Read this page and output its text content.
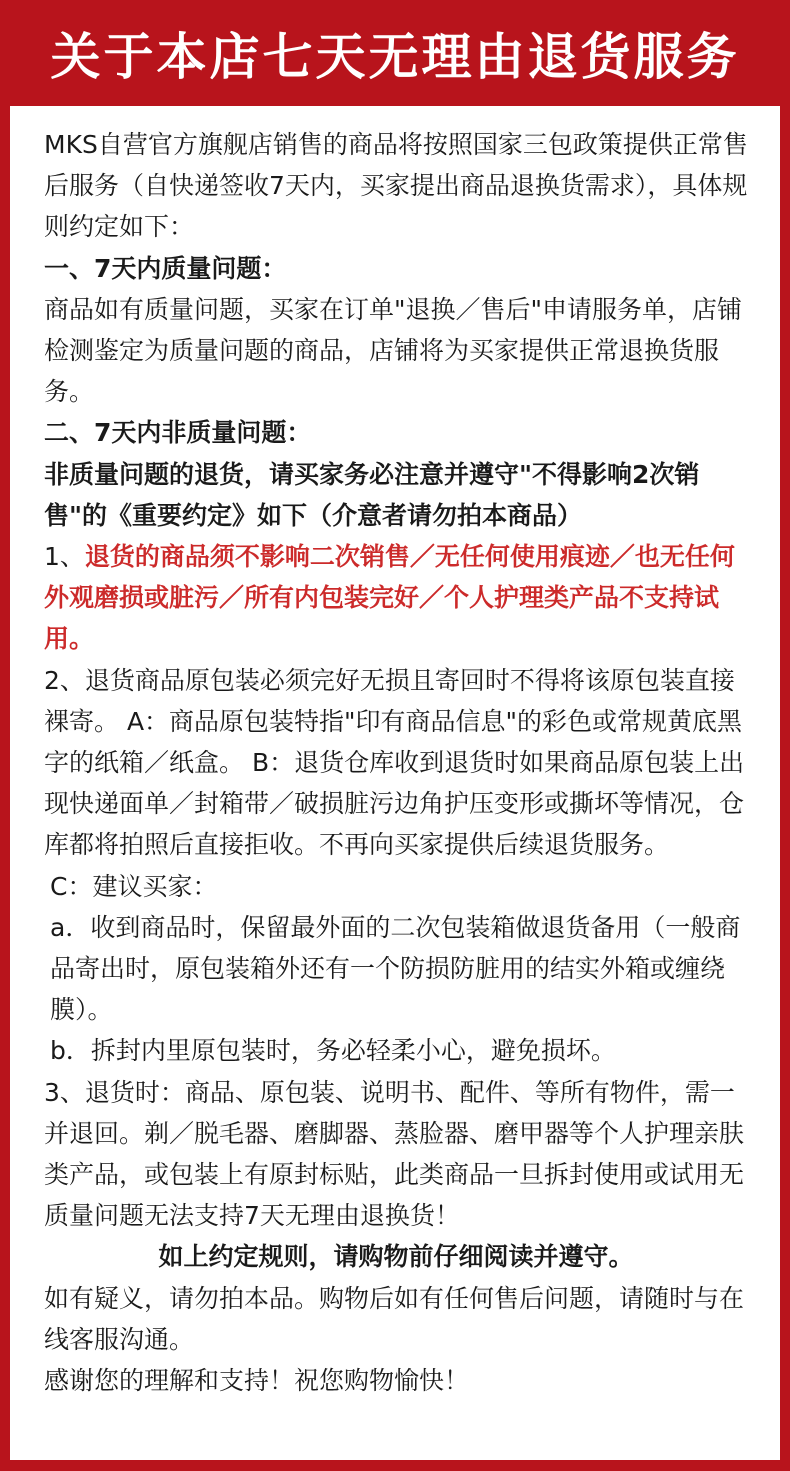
关于本店七天无理由退货服务

MKS自营官方旗舰店销售的商品将按照国家三包政策提供正常售后服务（自快递签收7天内，买家提出商品退换货需求），具体规则约定如下：

一、7天内质量问题：

商品如有质量问题，买家在订单"退换／售后"申请服务单，店铺检测鉴定为质量问题的商品，店铺将为买家提供正常退换货服务。

二、7天内非质量问题：

非质量问题的退货，请买家务必注意并遵守"不得影响2次销售"的《重要约定》如下（介意者请勿拍本商品）

1、退货的商品须不影响二次销售／无任何使用痕迹／也无任何外观磨损或脏污／所有内包装完好／个人护理类产品不支持试用。

2、退货商品原包装必须完好无损且寄回时不得将该原包装直接裸寄。 A：商品原包装特指"印有商品信息"的彩色或常规黄底黑字的纸箱／纸盒。 B：退货仓库收到退货时如果商品原包装上出现快递面单／封箱带／破损脏污边角护压变形或撕坏等情况，仓库都将拍照后直接拒收。不再向买家提供后续退货服务。

C：建议买家：

a．收到商品时，保留最外面的二次包装箱做退货备用（一般商品寄出时，原包装箱外还有一个防损防脏用的结实外箱或缠绕膜）。

b．拆封内里原包装时，务必轻柔小心，避免损坏。

3、退货时：商品、原包装、说明书、配件、等所有物件，需一并退回。剃／脱毛器、磨脚器、蒸脸器、磨甲器等个人护理亲肤类产品，或包装上有原封标贴，此类商品一旦拆封使用或试用无质量问题无法支持7天无理由退换货！

如上约定规则，请购物前仔细阅读并遵守。

如有疑义，请勿拍本品。购物后如有任何售后问题，请随时与在线客服沟通。

感谢您的理解和支持！祝您购物愉快！
